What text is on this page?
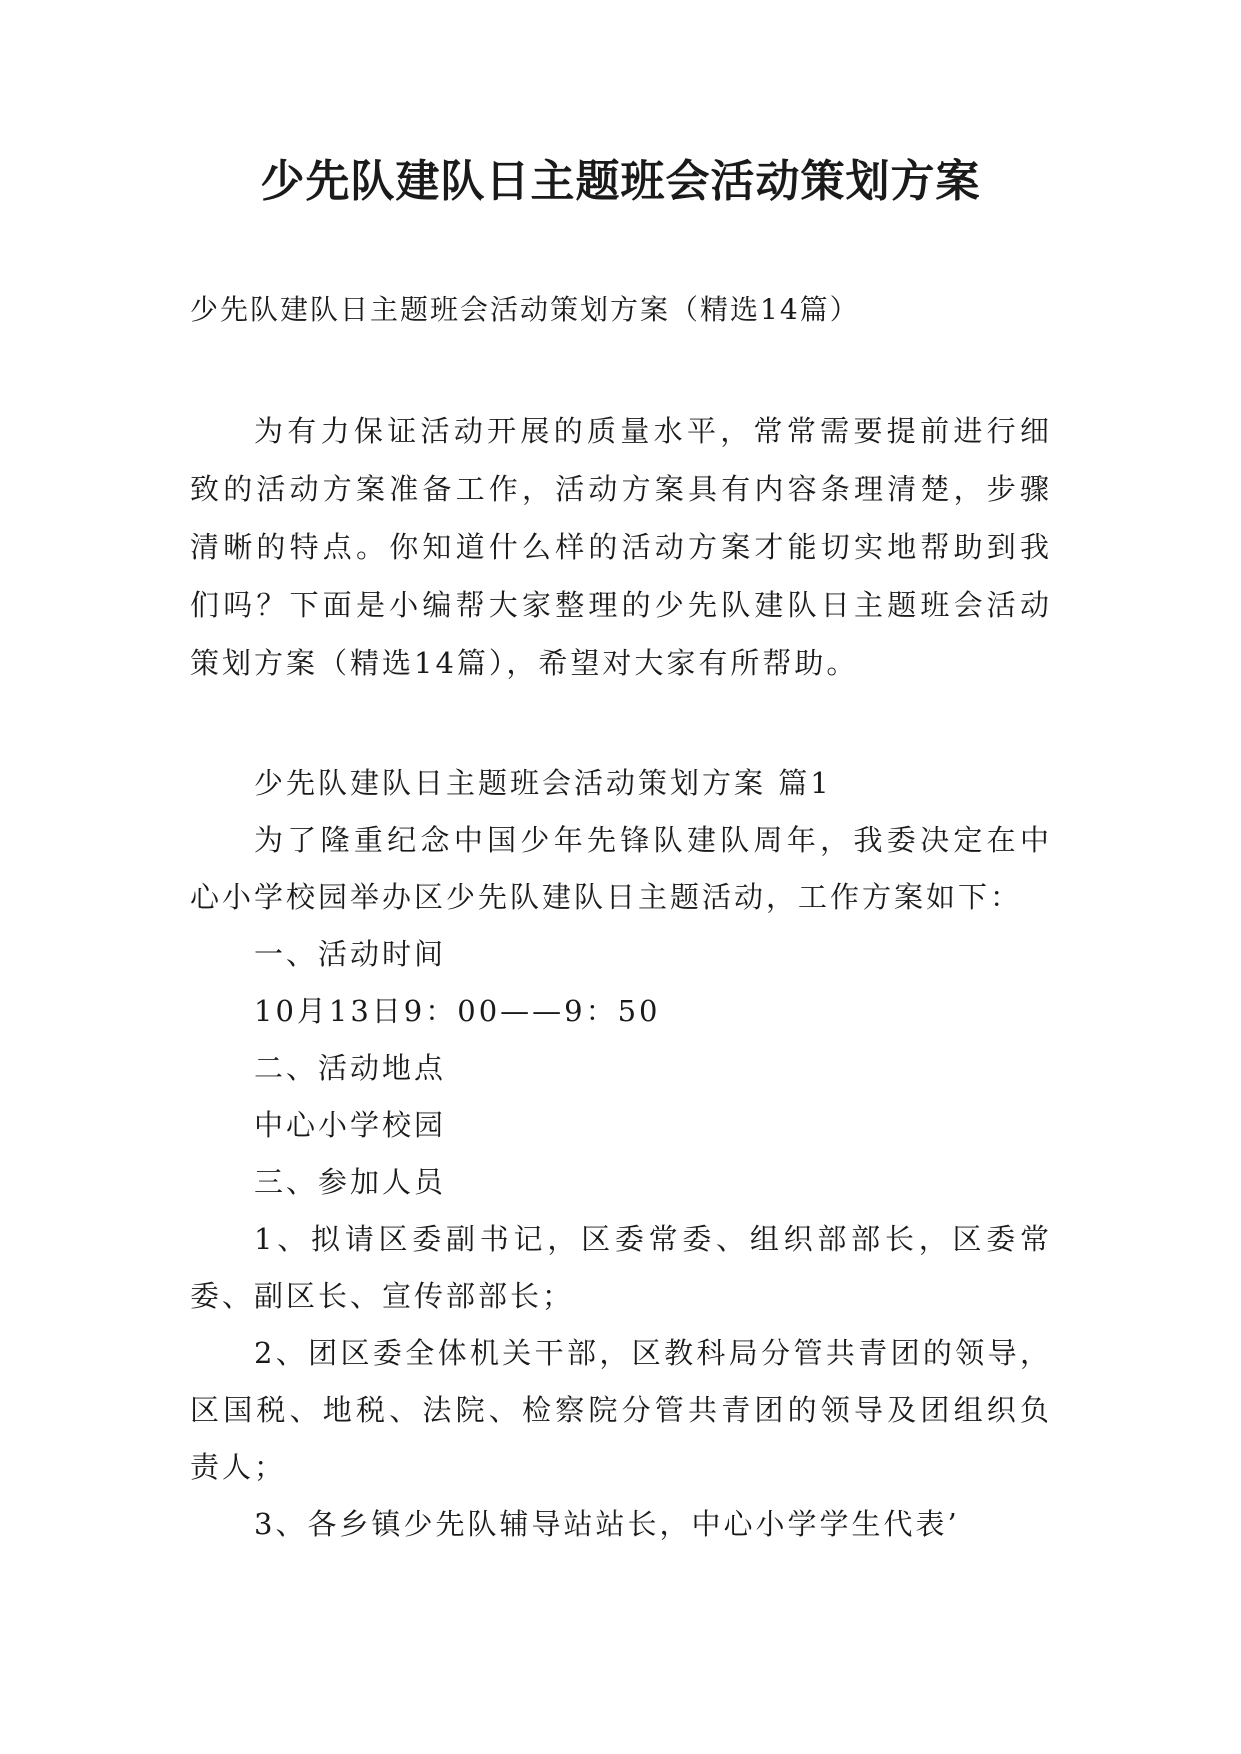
少先队建队日主题班会活动策划方案

少先队建队日主题班会活动策划方案（精选14篇）

为有力保证活动开展的质量水平，常常需要提前进行细致的活动方案准备工作，活动方案具有内容条理清楚，步骤清晰的特点。你知道什么样的活动方案才能切实地帮助到我们吗？下面是小编帮大家整理的少先队建队日主题班会活动策划方案（精选14篇），希望对大家有所帮助。

少先队建队日主题班会活动策划方案 篇1

为了隆重纪念中国少年先锋队建队周年，我委决定在中心小学校园举办区少先队建队日主题活动，工作方案如下：

一、活动时间

10月13日9：00——9：50

二、活动地点

中心小学校园

三、参加人员

1、拟请区委副书记，区委常委、组织部部长，区委常委、副区长、宣传部部长；

2、团区委全体机关干部，区教科局分管共青团的领导，区国税、地税、法院、检察院分管共青团的领导及团组织负责人；

3、各乡镇少先队辅导站站长，中心小学学生代表’
